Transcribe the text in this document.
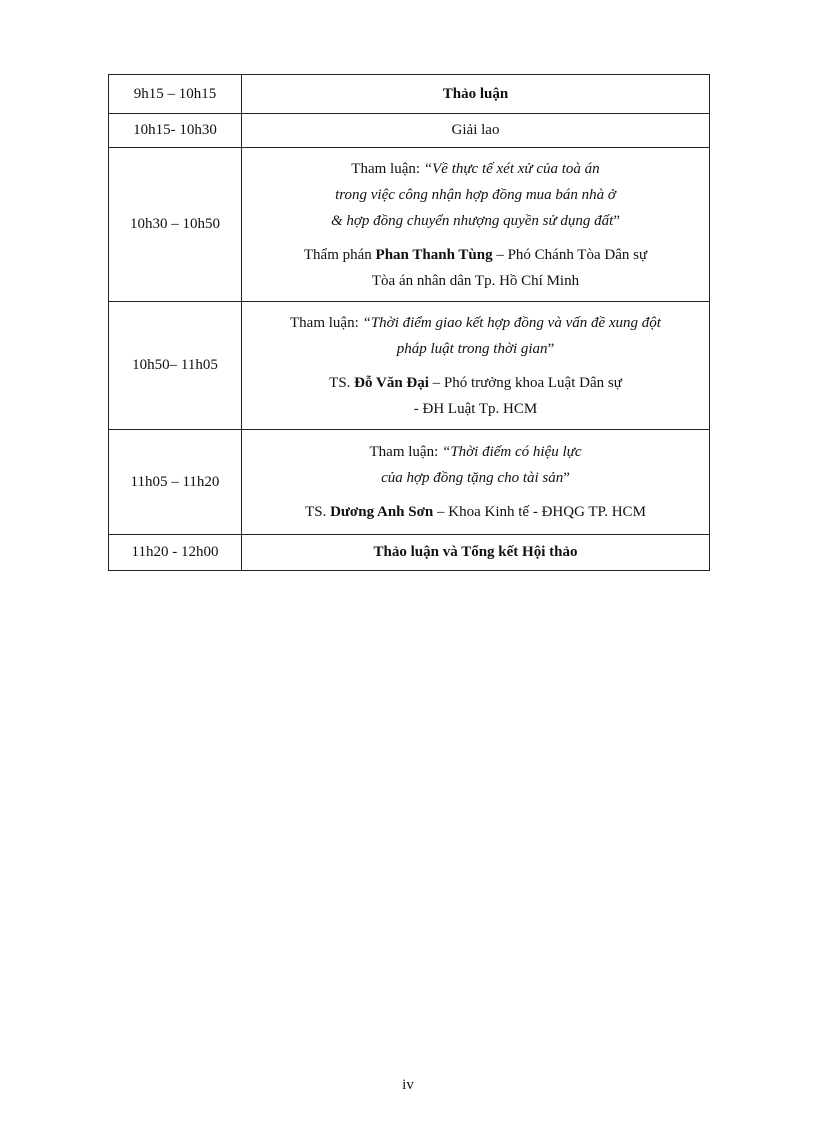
9h15 – 10h15	Thảo luận
10h15- 10h30	Giải lao
10h30 – 10h50	Tham luận: “Về thực tế xét xử của toà án
trong việc công nhận hợp đồng mua bán nhà ở
& hợp đồng chuyển nhượng quyền sử dụng đất”
Thẩm phán Phan Thanh Tùng – Phó Chánh Tòa Dân sự
Tòa án nhân dân Tp. Hồ Chí Minh

10h50– 11h05	Tham luận: “Thời điểm giao kết hợp đồng và vấn đề xung đột
pháp luật trong thời gian”
TS. Đỗ Văn Đại – Phó trưởng khoa Luật Dân sự
- ĐH Luật Tp. HCM

11h05 – 11h20	Tham luận: “Thời điểm có hiệu lực
của hợp đồng tặng cho tài sản”
TS. Dương Anh Sơn – Khoa Kinh tế - ĐHQG TP. HCM

11h20 - 12h00	Thảo luận và Tổng kết Hội thảo
iv
